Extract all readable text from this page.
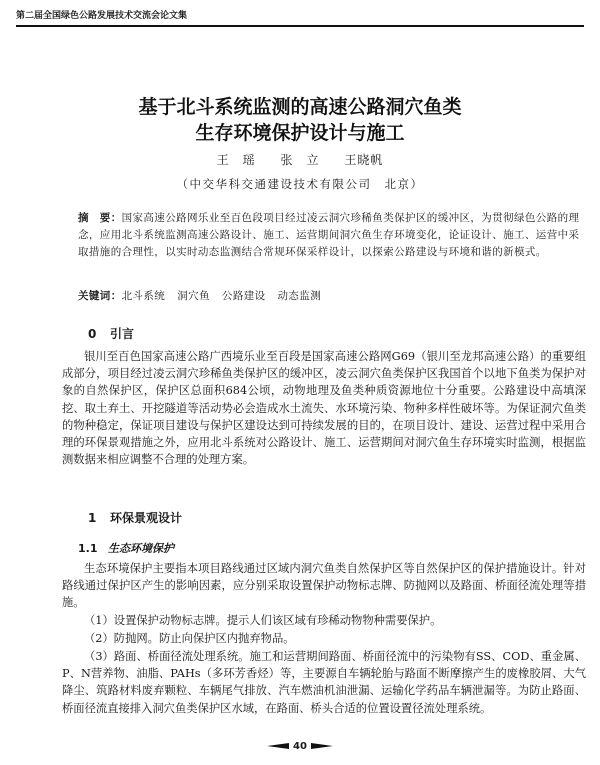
第二届全国绿色公路发展技术交流会论文集
基于北斗系统监测的高速公路洞穴鱼类
生存环境保护设计与施工
王　瑶 张　立 王晓帆
（中交华科交通建设技术有限公司　北京）
摘　要：国家高速公路网乐业至百色段项目经过凌云洞穴珍稀鱼类保护区的缓冲区，为贯彻绿色公路的理念，应用北斗系统监测高速公路设计、施工、运营期间洞穴鱼生存环境变化，论证设计、施工、运营中采取措施的合理性，以实时动态监测结合常规环保采样设计，以探索公路建设与环境和谐的新模式。
关键词：北斗系统 洞穴鱼 公路建设 动态监测
0 引言
银川至百色国家高速公路广西境乐业至百段是国家高速公路网G69（银川至龙邦高速公路）的重要组成部分，项目经过凌云洞穴珍稀鱼类保护区的缓冲区，凌云洞穴鱼类保护区我国首个以地下鱼类为保护对象的自然保护区，保护区总面积684公顷，动物地理及鱼类种质资源地位十分重要。公路建设中高填深挖、取土弃土、开挖隧道等活动势必会造成水土流失、水环境污染、物种多样性破坏等。为保证洞穴鱼类的物种稳定，保证项目建设与保护区建设达到可持续发展的目的，在项目设计、建设、运营过程中采用合理的环保景观措施之外，应用北斗系统对公路设计、施工、运营期间对洞穴鱼生存环境实时监测，根据监测数据来相应调整不合理的处理方案。
1 环保景观设计
1.1 生态环境保护
生态环境保护主要指本项目路线通过区域内洞穴鱼类自然保护区等自然保护区的保护措施设计。针对路线通过保护区产生的影响因素，应分别采取设置保护动物标志牌、防抛网以及路面、桥面径流处理等措施。
（1）设置保护动物标志牌。提示人们该区域有珍稀动物物种需要保护。
（2）防抛网。防止向保护区内抛弃物品。
（3）路面、桥面径流处理系统。施工和运营期间路面、桥面径流中的污染物有SS、COD、重金属、P、N营养物、油脂、PAHs（多环芳香烃）等，主要源自车辆轮胎与路面不断摩擦产生的废橡胶屑、大气降尘、筑路材料废弃颗粒、车辆尾气排放、汽车燃油机油泄漏、运输化学药品车辆泄漏等。为防止路面、桥面径流直接排入洞穴鱼类保护区水域，在路面、桥头合适的位置设置径流处理系统。
40
